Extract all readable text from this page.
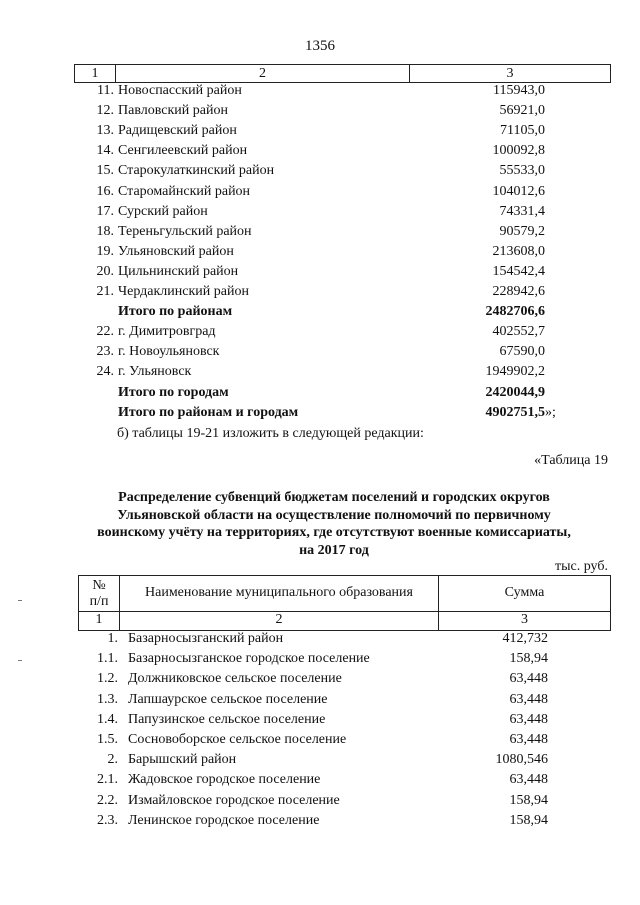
1356
1	2	3
11. Новоспасский район	115943,0
12. Павловский район	56921,0
13. Радищевский район	71105,0
14. Сенгилеевский район	100092,8
15. Старокулаткинский район	55533,0
16. Старомайнский район	104012,6
17. Сурский район	74331,4
18. Тереньгульский район	90579,2
19. Ульяновский район	213608,0
20. Цильнинский район	154542,4
21. Чердаклинский район	228942,6
Итого по районам	2482706,6
22. г. Димитровград	402552,7
23. г. Новоульяновск	67590,0
24. г. Ульяновск	1949902,2
Итого по городам	2420044,9
Итого по районам и городам	4902751,5 »;
б) таблицы 19-21 изложить в следующей редакции:
«Таблица 19
Распределение субвенций бюджетам поселений и городских округов
Ульяновской области на осуществление полномочий по первичному
воинскому учёту на территориях, где отсутствуют военные комиссариаты,
на 2017 год
тыс. руб.
№
п/п
Наименование муниципального образования	Сумма
1	2	3
1. Базарносызганский район	412,732
1.1. Базарносызганское городское поселение	158,94
1.2. Должниковское сельское поселение	63,448
1.3. Лапшаурское сельское поселение	63,448
1.4. Папузинское сельское поселение	63,448
1.5. Сосновоборское сельское поселение	63,448
2. Барышский район	1080,546
2.1. Жадовское городское поселение	63,448
2.2. Измайловское городское поселение	158,94
2.3. Ленинское городское поселение	158,94
